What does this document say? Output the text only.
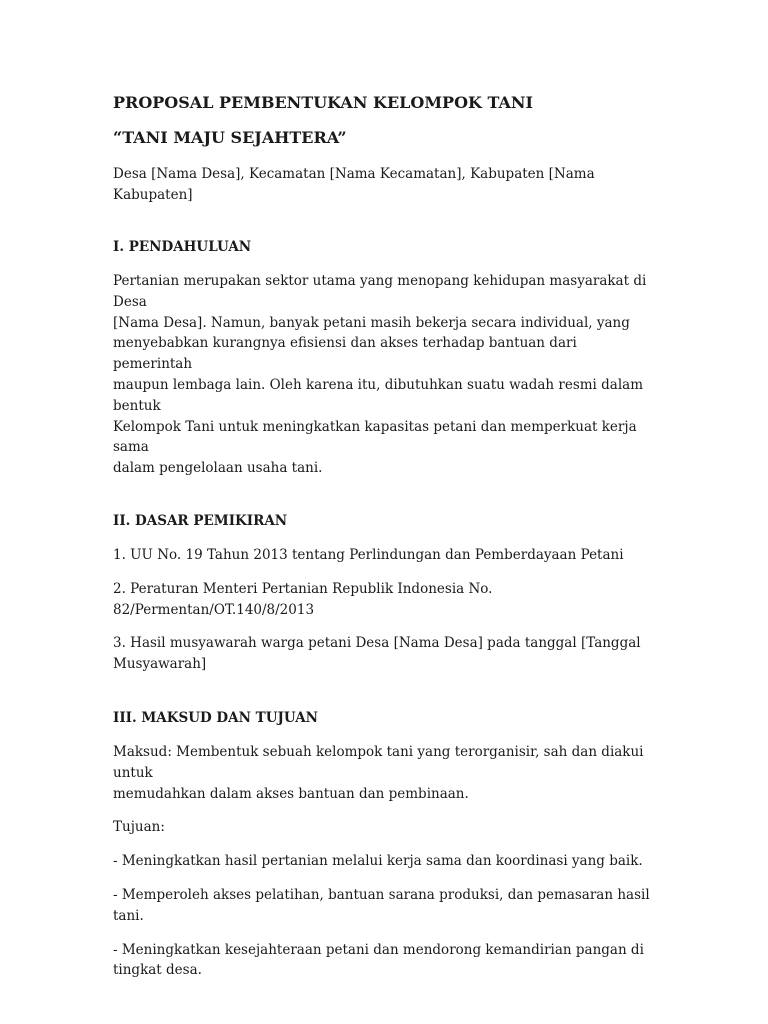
PROPOSAL PEMBENTUKAN KELOMPOK TANI

“TANI MAJU SEJAHTERA”

Desa [Nama Desa], Kecamatan [Nama Kecamatan], Kabupaten [Nama Kabupaten]

I. PENDAHULUAN

Pertanian merupakan sektor utama yang menopang kehidupan masyarakat di Desa
[Nama Desa]. Namun, banyak petani masih bekerja secara individual, yang
menyebabkan kurangnya efisiensi dan akses terhadap bantuan dari pemerintah
maupun lembaga lain. Oleh karena itu, dibutuhkan suatu wadah resmi dalam bentuk
Kelompok Tani untuk meningkatkan kapasitas petani dan memperkuat kerja sama
dalam pengelolaan usaha tani.

II. DASAR PEMIKIRAN

1. UU No. 19 Tahun 2013 tentang Perlindungan dan Pemberdayaan Petani
2. Peraturan Menteri Pertanian Republik Indonesia No.
82/Permentan/OT.140/8/2013
3. Hasil musyawarah warga petani Desa [Nama Desa] pada tanggal [Tanggal
Musyawarah]

III. MAKSUD DAN TUJUAN

Maksud: Membentuk sebuah kelompok tani yang terorganisir, sah dan diakui untuk
memudahkan dalam akses bantuan dan pembinaan.
Tujuan:
- Meningkatkan hasil pertanian melalui kerja sama dan koordinasi yang baik.
- Memperoleh akses pelatihan, bantuan sarana produksi, dan pemasaran hasil tani.
- Meningkatkan kesejahteraan petani dan mendorong kemandirian pangan di
tingkat desa.
